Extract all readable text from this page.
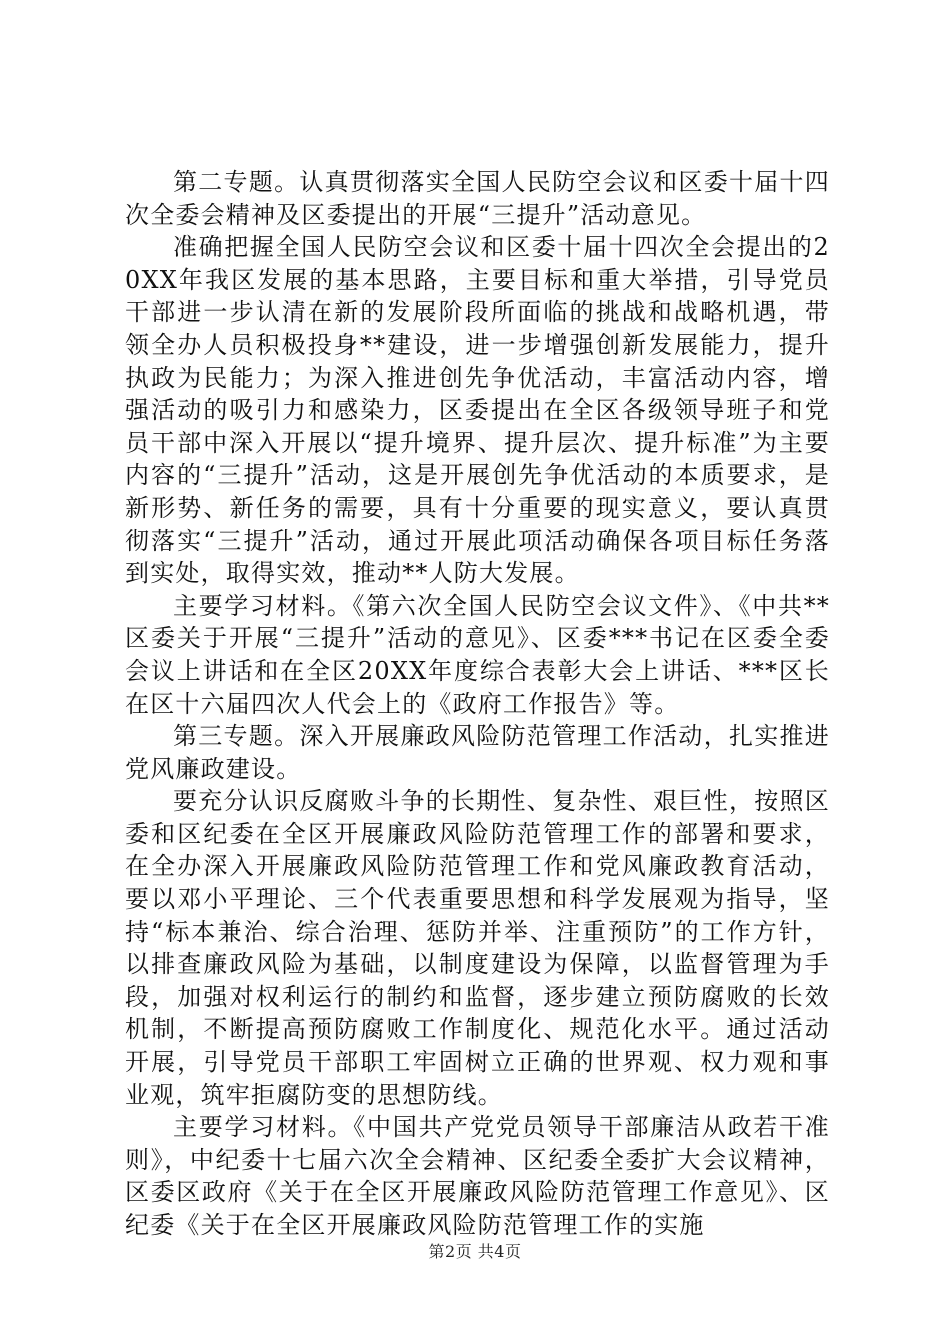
第二专题。认真贯彻落实全国人民防空会议和区委十届十四次全委会精神及区委提出的开展“三提升”活动意见。

准确把握全国人民防空会议和区委十届十四次全会提出的20XX年我区发展的基本思路，主要目标和重大举措，引导党员干部进一步认清在新的发展阶段所面临的挑战和战略机遇，带领全办人员积极投身**建设，进一步增强创新发展能力，提升执政为民能力；为深入推进创先争优活动，丰富活动内容，增强活动的吸引力和感染力，区委提出在全区各级领导班子和党员干部中深入开展以“提升境界、提升层次、提升标准”为主要内容的“三提升”活动，这是开展创先争优活动的本质要求，是新形势、新任务的需要，具有十分重要的现实意义，要认真贯彻落实“三提升”活动，通过开展此项活动确保各项目标任务落到实处，取得实效，推动**人防大发展。

主要学习材料。《第六次全国人民防空会议文件》、《中共**区委关于开展“三提升”活动的意见》、区委***书记在区委全委会议上讲话和在全区20XX年度综合表彰大会上讲话、***区长在区十六届四次人代会上的《政府工作报告》等。

第三专题。深入开展廉政风险防范管理工作活动，扎实推进党风廉政建设。

要充分认识反腐败斗争的长期性、复杂性、艰巨性，按照区委和区纪委在全区开展廉政风险防范管理工作的部署和要求，在全办深入开展廉政风险防范管理工作和党风廉政教育活动，要以邓小平理论、三个代表重要思想和科学发展观为指导，坚持“标本兼治、综合治理、惩防并举、注重预防”的工作方针，以排查廉政风险为基础，以制度建设为保障，以监督管理为手段，加强对权利运行的制约和监督，逐步建立预防腐败的长效机制，不断提高预防腐败工作制度化、规范化水平。通过活动开展，引导党员干部职工牢固树立正确的世界观、权力观和事业观，筑牢拒腐防变的思想防线。

主要学习材料。《中国共产党党员领导干部廉洁从政若干准则》，中纪委十七届六次全会精神、区纪委全委扩大会议精神，区委区政府《关于在全区开展廉政风险防范管理工作意见》、区纪委《关于在全区开展廉政风险防范管理工作的实施

第2页 共4页
